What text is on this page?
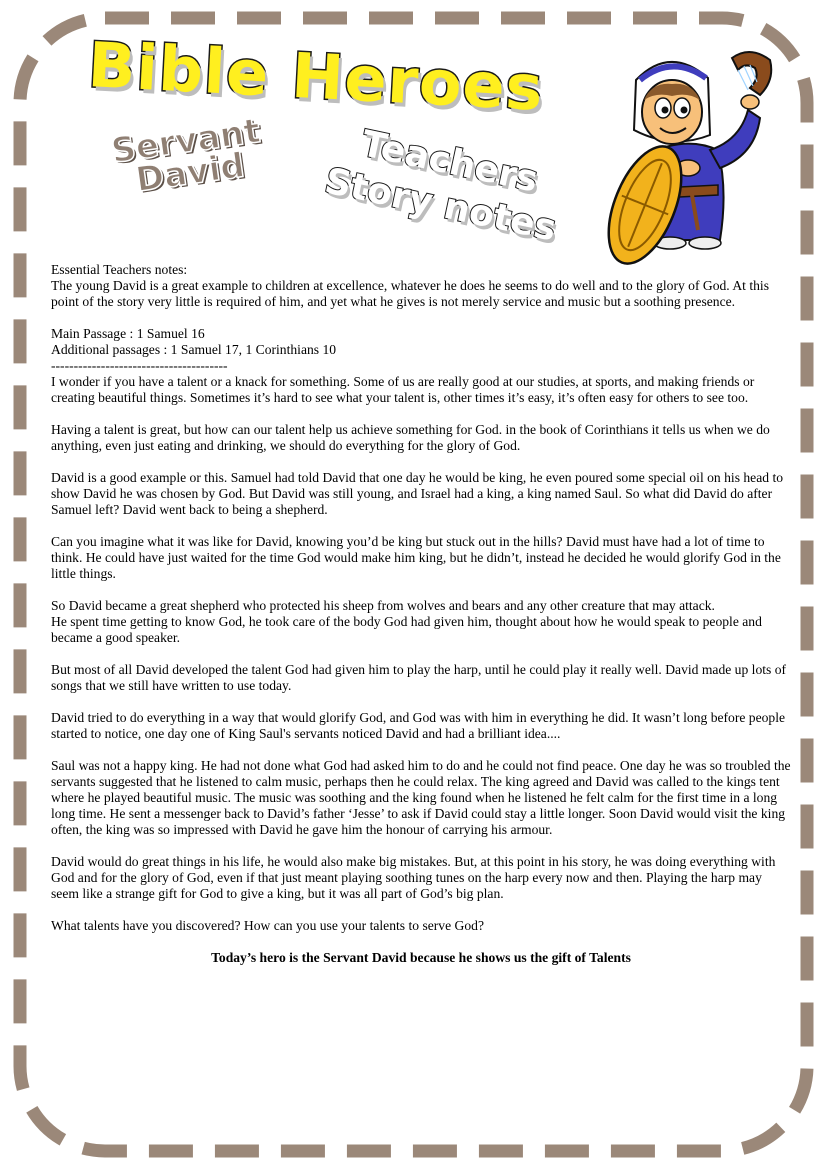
Bible Heroes
Servant David	Teachers Story notes

Essential Teachers notes:
The young David is a great example to children at excellence, whatever he does he seems to do well and to the glory of God. At this point of the story very little is required of him, and yet what he gives is not merely service and music but a soothing presence.

Main Passage : 1 Samuel 16
Additional passages : 1 Samuel 17, 1 Corinthians 10
---------------------------------------
I wonder if you have a talent or a knack for something. Some of us are really good at our studies, at sports, and making friends or creating beautiful things. Sometimes it’s hard to see what your talent is, other times it’s easy, it’s often easy for others to see too.

Having a talent is great, but how can our talent help us achieve something for God. in the book of Corinthians it tells us when we do anything, even just eating and drinking, we should do everything for the glory of God.

David is a good example or this. Samuel had told David that one day he would be king, he even poured some special oil on his head to show David he was chosen by God. But David was still young, and Israel had a king, a king named Saul. So what did David do after Samuel left? David went back to being a shepherd.

Can you imagine what it was like for David, knowing you’d be king but stuck out in the hills? David must have had a lot of time to think. He could have just waited for the time God would make him king, but he didn’t, instead he decided he would glorify God in the little things.

So David became a great shepherd who protected his sheep from wolves and bears and any other creature that may attack.
He spent time getting to know God, he took care of the body God had given him, thought about how he would speak to people and became a good speaker.

But most of all David developed the talent God had given him to play the harp, until he could play it really well. David made up lots of songs that we still have written to use today.

David tried to do everything in a way that would glorify God, and God was with him in everything he did. It wasn’t long before people started to notice, one day one of King Saul's servants noticed David and had a brilliant idea....

Saul was not a happy king. He had not done what God had asked him to do and he could not find peace. One day he was so troubled the servants suggested that he listened to calm music, perhaps then he could relax. The king agreed and David was called to the kings tent where he played beautiful music. The music was soothing and the king found when he listened he felt calm for the first time in a long long time. He sent a messenger back to David’s father ‘Jesse’ to ask if David could stay a little longer. Soon David would visit the king often, the king was so impressed with David he gave him the honour of carrying his armour.

David would do great things in his life, he would also make big mistakes. But, at this point in his story, he was doing everything with God and for the glory of God, even if that just meant playing soothing tunes on the harp every now and then. Playing the harp may seem like a strange gift for God to give a king, but it was all part of God’s big plan.

What talents have you discovered? How can you use your talents to serve God?

Today’s hero is the Servant David because he shows us the gift of Talents
